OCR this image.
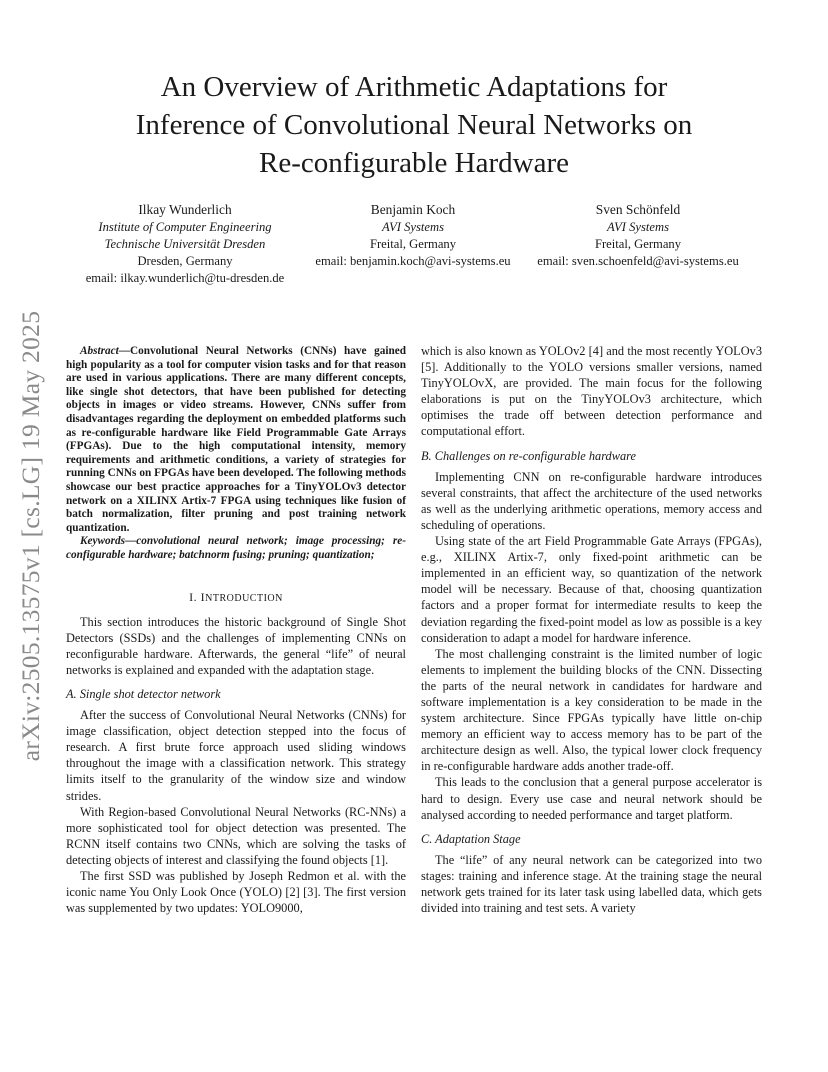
arXiv:2505.13575v1 [cs.LG] 19 May 2025
An Overview of Arithmetic Adaptations for
Inference of Convolutional Neural Networks on
Re-configurable Hardware
Ilkay Wunderlich
Institute of Computer Engineering
Technische Universität Dresden
Dresden, Germany
email: ilkay.wunderlich@tu-dresden.de
Benjamin Koch
AVI Systems
Freital, Germany
email: benjamin.koch@avi-systems.eu
Sven Schönfeld
AVI Systems
Freital, Germany
email: sven.schoenfeld@avi-systems.eu

Abstract—Convolutional Neural Networks (CNNs) have gained high popularity as a tool for computer vision tasks and for that reason are used in various applications. There are many different concepts, like single shot detectors, that have been published for detecting objects in images or video streams. However, CNNs suffer from disadvantages regarding the deployment on embedded platforms such as re-configurable hardware like Field Programmable Gate Arrays (FPGAs). Due to the high computational intensity, memory requirements and arithmetic conditions, a variety of strategies for running CNNs on FPGAs have been developed. The following methods showcase our best practice approaches for a TinyYOLOv3 detector network on a XILINX Artix-7 FPGA using techniques like fusion of batch normalization, filter pruning and post training network quantization.

Keywords—convolutional neural network; image processing; re-configurable hardware; batchnorm fusing; pruning; quantization;

I. INTRODUCTION

This section introduces the historic background of Single Shot Detectors (SSDs) and the challenges of implementing CNNs on reconfigurable hardware. Afterwards, the general “life” of neural networks is explained and expanded with the adaptation stage.

A. Single shot detector network

After the success of Convolutional Neural Networks (CNNs) for image classification, object detection stepped into the focus of research. A first brute force approach used sliding windows throughout the image with a classification network. This strategy limits itself to the granularity of the window size and window strides.

With Region-based Convolutional Neural Networks (RC-NNs) a more sophisticated tool for object detection was presented. The RCNN itself contains two CNNs, which are solving the tasks of detecting objects of interest and classifying the found objects [1].

The first SSD was published by Joseph Redmon et al. with the iconic name You Only Look Once (YOLO) [2] [3]. The first version was supplemented by two updates: YOLO9000,

which is also known as YOLOv2 [4] and the most recently YOLOv3 [5]. Additionally to the YOLO versions smaller versions, named TinyYOLOvX, are provided. The main focus for the following elaborations is put on the TinyYOLOv3 architecture, which optimises the trade off between detection performance and computational effort.

B. Challenges on re-configurable hardware

Implementing CNN on re-configurable hardware introduces several constraints, that affect the architecture of the used networks as well as the underlying arithmetic operations, memory access and scheduling of operations.

Using state of the art Field Programmable Gate Arrays (FPGAs), e.g., XILINX Artix-7, only fixed-point arithmetic can be implemented in an efficient way, so quantization of the network model will be necessary. Because of that, choosing quantization factors and a proper format for intermediate results to keep the deviation regarding the fixed-point model as low as possible is a key consideration to adapt a model for hardware inference.

The most challenging constraint is the limited number of logic elements to implement the building blocks of the CNN. Dissecting the parts of the neural network in candidates for hardware and software implementation is a key consideration to be made in the system architecture. Since FPGAs typically have little on-chip memory an efficient way to access memory has to be part of the architecture design as well. Also, the typical lower clock frequency in re-configurable hardware adds another trade-off.

This leads to the conclusion that a general purpose accelerator is hard to design. Every use case and neural network should be analysed according to needed performance and target platform.

C. Adaptation Stage

The “life” of any neural network can be categorized into two stages: training and inference stage. At the training stage the neural network gets trained for its later task using labelled data, which gets divided into training and test sets. A variety
